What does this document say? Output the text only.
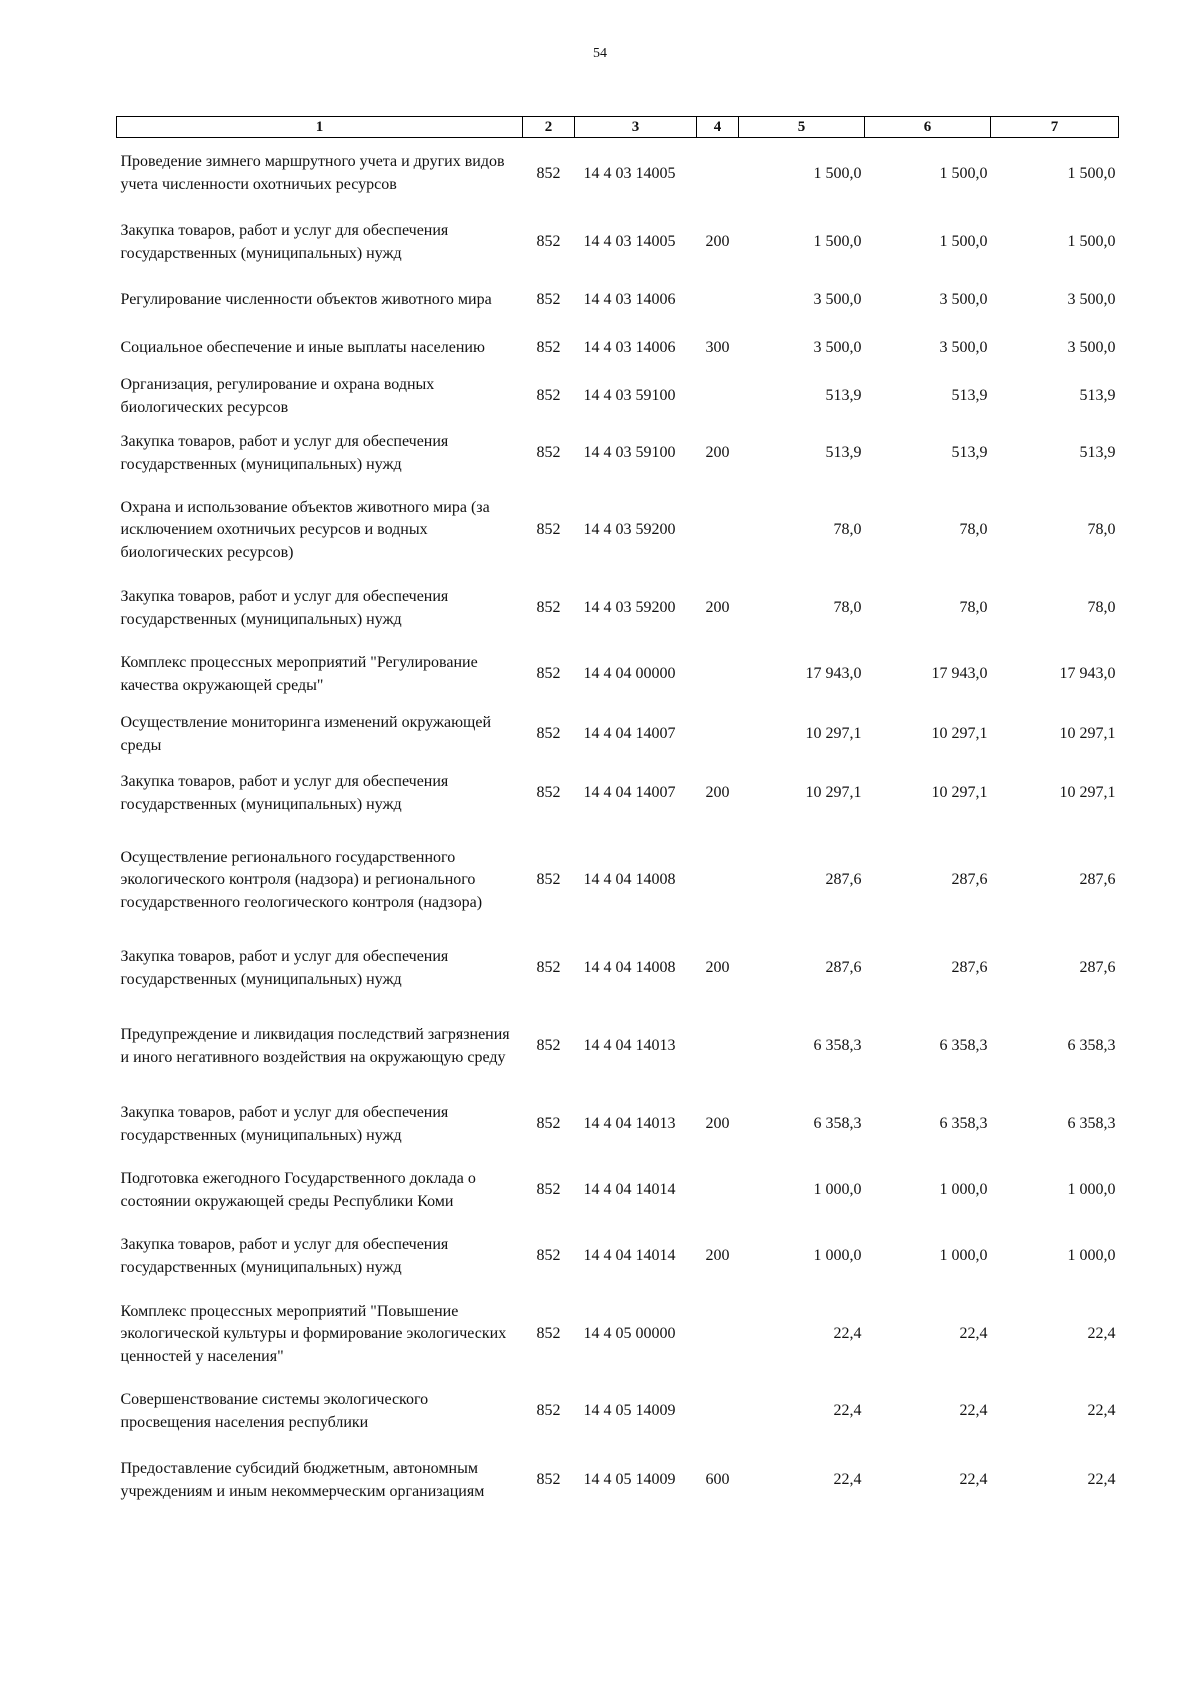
54
1	2	3	4	5	6	7
Проведение зимнего маршрутного учета и других видов учета численности охотничьих ресурсов	852	14 4 03 14005		1 500,0	1 500,0	1 500,0
Закупка товаров, работ и услуг для обеспечения государственных (муниципальных) нужд	852	14 4 03 14005	200	1 500,0	1 500,0	1 500,0
Регулирование численности объектов животного мира	852	14 4 03 14006		3 500,0	3 500,0	3 500,0
Социальное обеспечение и иные выплаты населению	852	14 4 03 14006	300	3 500,0	3 500,0	3 500,0
Организация, регулирование и охрана водных биологических ресурсов	852	14 4 03 59100		513,9	513,9	513,9
Закупка товаров, работ и услуг для обеспечения государственных (муниципальных) нужд	852	14 4 03 59100	200	513,9	513,9	513,9
Охрана и использование объектов животного мира (за исключением охотничьих ресурсов и водных биологических ресурсов)	852	14 4 03 59200		78,0	78,0	78,0
Закупка товаров, работ и услуг для обеспечения государственных (муниципальных) нужд	852	14 4 03 59200	200	78,0	78,0	78,0
Комплекс процессных мероприятий "Регулирование качества окружающей среды"	852	14 4 04 00000		17 943,0	17 943,0	17 943,0
Осуществление мониторинга изменений окружающей среды	852	14 4 04 14007		10 297,1	10 297,1	10 297,1
Закупка товаров, работ и услуг для обеспечения государственных (муниципальных) нужд	852	14 4 04 14007	200	10 297,1	10 297,1	10 297,1
Осуществление регионального государственного экологического контроля (надзора) и регионального государственного геологического контроля (надзора)	852	14 4 04 14008		287,6	287,6	287,6
Закупка товаров, работ и услуг для обеспечения государственных (муниципальных) нужд	852	14 4 04 14008	200	287,6	287,6	287,6
Предупреждение и ликвидация последствий загрязнения и иного негативного воздействия на окружающую среду	852	14 4 04 14013		6 358,3	6 358,3	6 358,3
Закупка товаров, работ и услуг для обеспечения государственных (муниципальных) нужд	852	14 4 04 14013	200	6 358,3	6 358,3	6 358,3
Подготовка ежегодного Государственного доклада о состоянии окружающей среды Республики Коми	852	14 4 04 14014		1 000,0	1 000,0	1 000,0
Закупка товаров, работ и услуг для обеспечения государственных (муниципальных) нужд	852	14 4 04 14014	200	1 000,0	1 000,0	1 000,0
Комплекс процессных мероприятий "Повышение экологической культуры и формирование экологических ценностей у населения"	852	14 4 05 00000		22,4	22,4	22,4
Совершенствование системы экологического просвещения населения республики	852	14 4 05 14009		22,4	22,4	22,4
Предоставление субсидий бюджетным, автономным учреждениям и иным некоммерческим организациям	852	14 4 05 14009	600	22,4	22,4	22,4
